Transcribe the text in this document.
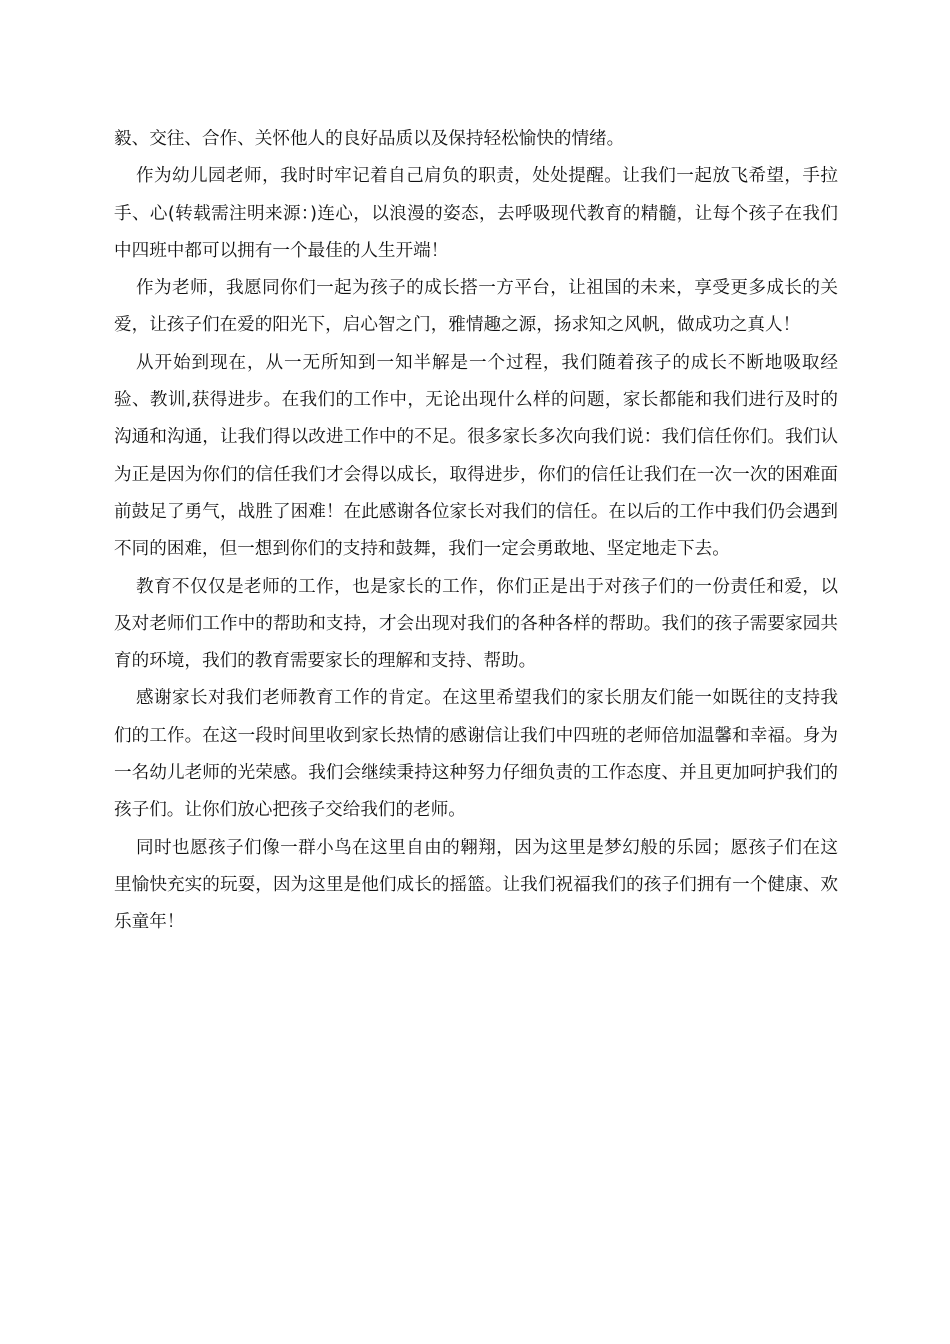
毅、交往、合作、关怀他人的良好品质以及保持轻松愉快的情绪。

作为幼儿园老师，我时时牢记着自己肩负的职责，处处提醒。让我们一起放飞希望，手拉手、心(转载需注明来源：)连心，以浪漫的姿态，去呼吸现代教育的精髓，让每个孩子在我们中四班中都可以拥有一个最佳的人生开端！

作为老师，我愿同你们一起为孩子的成长搭一方平台，让祖国的未来，享受更多成长的关爱，让孩子们在爱的阳光下，启心智之门，雅情趣之源，扬求知之风帆，做成功之真人！

从开始到现在，从一无所知到一知半解是一个过程，我们随着孩子的成长不断地吸取经验、教训,获得进步。在我们的工作中，无论出现什么样的问题，家长都能和我们进行及时的沟通和沟通，让我们得以改进工作中的不足。很多家长多次向我们说：我们信任你们。我们认为正是因为你们的信任我们才会得以成长，取得进步，你们的信任让我们在一次一次的困难面前鼓足了勇气，战胜了困难！在此感谢各位家长对我们的信任。在以后的工作中我们仍会遇到不同的困难，但一想到你们的支持和鼓舞，我们一定会勇敢地、坚定地走下去。

教育不仅仅是老师的工作，也是家长的工作，你们正是出于对孩子们的一份责任和爱，以及对老师们工作中的帮助和支持，才会出现对我们的各种各样的帮助。我们的孩子需要家园共育的环境，我们的教育需要家长的理解和支持、帮助。

感谢家长对我们老师教育工作的肯定。在这里希望我们的家长朋友们能一如既往的支持我们的工作。在这一段时间里收到家长热情的感谢信让我们中四班的老师倍加温馨和幸福。身为一名幼儿老师的光荣感。我们会继续秉持这种努力仔细负责的工作态度、并且更加呵护我们的孩子们。让你们放心把孩子交给我们的老师。

同时也愿孩子们像一群小鸟在这里自由的翱翔，因为这里是梦幻般的乐园；愿孩子们在这里愉快充实的玩耍，因为这里是他们成长的摇篮。让我们祝福我们的孩子们拥有一个健康、欢乐童年！
